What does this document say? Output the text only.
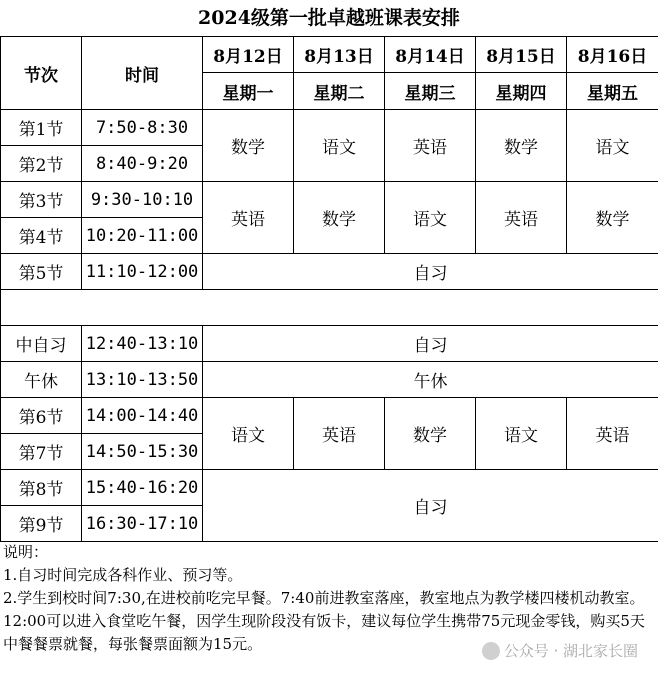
2024级第一批卓越班课表安排
节次	时间	8月12日	8月13日	8月14日	8月15日	8月16日
		星期一	星期二	星期三	星期四	星期五
第1节	7:50-8:30	数学	语文	英语	数学	语文
第2节	8:40-9:20					
第3节	9:30-10:10	英语	数学	语文	英语	数学
第4节	10:20-11:00					
第5节	11:10-12:00	自习				

中自习	12:40-13:10	自习				
午休	13:10-13:50	午休				
第6节	14:00-14:40	语文	英语	数学	语文	英语
第7节	14:50-15:30					
第8节	15:40-16:20	自习				
第9节	16:30-17:10					
说明：
1.自习时间完成各科作业、预习等。
2.学生到校时间7:30,在进校前吃完早餐。7:40前进教室落座，教室地点为教学楼四楼机动教室。12:00可以进入食堂吃午餐，因学生现阶段没有饭卡，建议每位学生携带75元现金零钱，购买5天中餐餐票就餐，每张餐票面额为15元。	公众号 · 湖北家长圈
